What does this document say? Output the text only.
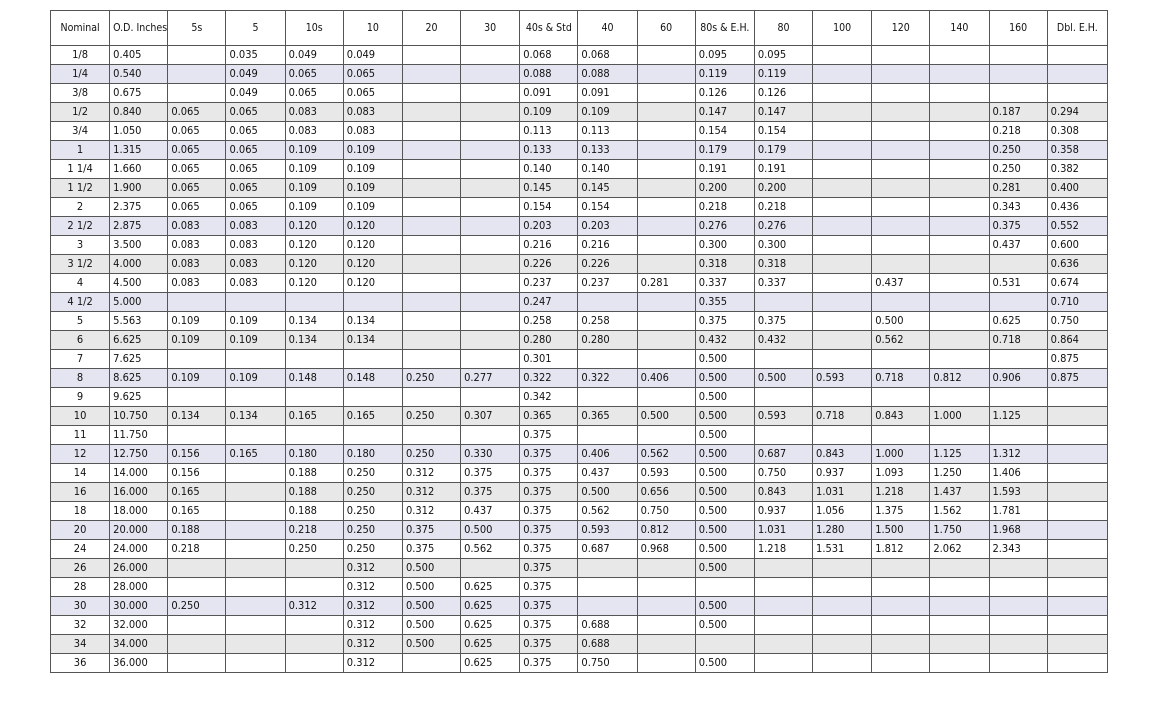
Nominal	O.D. Inches	5s	5	10s	10	20	30	40s & Std	40	60	80s & E.H.	80	100	120	140	160	Dbl. E.H.
1/8	0.405		0.035	0.049	0.049			0.068	0.068		0.095	0.095					
1/4	0.540		0.049	0.065	0.065			0.088	0.088		0.119	0.119					
3/8	0.675		0.049	0.065	0.065			0.091	0.091		0.126	0.126					
1/2	0.840	0.065	0.065	0.083	0.083			0.109	0.109		0.147	0.147				0.187	0.294
3/4	1.050	0.065	0.065	0.083	0.083			0.113	0.113		0.154	0.154				0.218	0.308
1	1.315	0.065	0.065	0.109	0.109			0.133	0.133		0.179	0.179				0.250	0.358
1 1/4	1.660	0.065	0.065	0.109	0.109			0.140	0.140		0.191	0.191				0.250	0.382
1 1/2	1.900	0.065	0.065	0.109	0.109			0.145	0.145		0.200	0.200				0.281	0.400
2	2.375	0.065	0.065	0.109	0.109			0.154	0.154		0.218	0.218				0.343	0.436
2 1/2	2.875	0.083	0.083	0.120	0.120			0.203	0.203		0.276	0.276				0.375	0.552
3	3.500	0.083	0.083	0.120	0.120			0.216	0.216		0.300	0.300				0.437	0.600
3 1/2	4.000	0.083	0.083	0.120	0.120			0.226	0.226		0.318	0.318					0.636
4	4.500	0.083	0.083	0.120	0.120			0.237	0.237	0.281	0.337	0.337		0.437		0.531	0.674
4 1/2	5.000							0.247			0.355						0.710
5	5.563	0.109	0.109	0.134	0.134			0.258	0.258		0.375	0.375		0.500		0.625	0.750
6	6.625	0.109	0.109	0.134	0.134			0.280	0.280		0.432	0.432		0.562		0.718	0.864
7	7.625							0.301			0.500						0.875
8	8.625	0.109	0.109	0.148	0.148	0.250	0.277	0.322	0.322	0.406	0.500	0.500	0.593	0.718	0.812	0.906	0.875
9	9.625							0.342			0.500						
10	10.750	0.134	0.134	0.165	0.165	0.250	0.307	0.365	0.365	0.500	0.500	0.593	0.718	0.843	1.000	1.125	
11	11.750							0.375			0.500						
12	12.750	0.156	0.165	0.180	0.180	0.250	0.330	0.375	0.406	0.562	0.500	0.687	0.843	1.000	1.125	1.312	
14	14.000	0.156		0.188	0.250	0.312	0.375	0.375	0.437	0.593	0.500	0.750	0.937	1.093	1.250	1.406	
16	16.000	0.165		0.188	0.250	0.312	0.375	0.375	0.500	0.656	0.500	0.843	1.031	1.218	1.437	1.593	
18	18.000	0.165		0.188	0.250	0.312	0.437	0.375	0.562	0.750	0.500	0.937	1.056	1.375	1.562	1.781	
20	20.000	0.188		0.218	0.250	0.375	0.500	0.375	0.593	0.812	0.500	1.031	1.280	1.500	1.750	1.968	
24	24.000	0.218		0.250	0.250	0.375	0.562	0.375	0.687	0.968	0.500	1.218	1.531	1.812	2.062	2.343	
26	26.000				0.312	0.500		0.375			0.500						
28	28.000				0.312	0.500	0.625	0.375									
30	30.000	0.250		0.312	0.312	0.500	0.625	0.375			0.500						
32	32.000				0.312	0.500	0.625	0.375	0.688		0.500						
34	34.000				0.312	0.500	0.625	0.375	0.688								
36	36.000				0.312		0.625	0.375	0.750		0.500						
